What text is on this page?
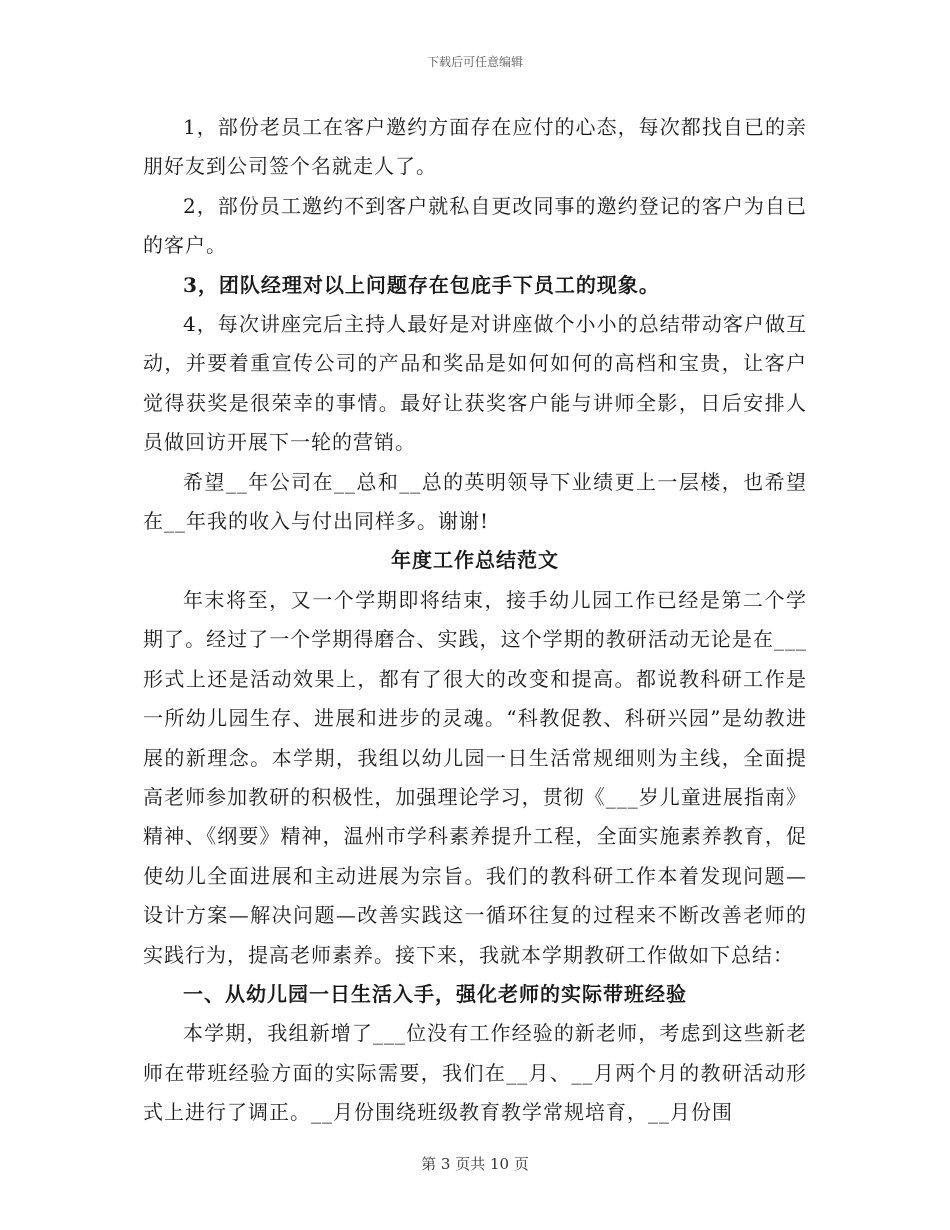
下载后可任意编辑

1，部份老员工在客户邀约方面存在应付的心态，每次都找自已的亲朋好友到公司签个名就走人了。

2，部份员工邀约不到客户就私自更改同事的邀约登记的客户为自已的客户。

3，团队经理对以上问题存在包庇手下员工的现象。

4，每次讲座完后主持人最好是对讲座做个小小的总结带动客户做互动，并要着重宣传公司的产品和奖品是如何如何的高档和宝贵，让客户觉得获奖是很荣幸的事情。最好让获奖客户能与讲师全影，日后安排人员做回访开展下一轮的营销。

希望__年公司在__总和__总的英明领导下业绩更上一层楼，也希望在__年我的收入与付出同样多。谢谢!

年度工作总结范文

年末将至，又一个学期即将结束，接手幼儿园工作已经是第二个学期了。经过了一个学期得磨合、实践，这个学期的教研活动无论是在___形式上还是活动效果上，都有了很大的改变和提高。都说教科研工作是一所幼儿园生存、进展和进步的灵魂。“科教促教、科研兴园”是幼教进展的新理念。本学期，我组以幼儿园一日生活常规细则为主线，全面提高老师参加教研的积极性，加强理论学习，贯彻《___岁儿童进展指南》精神、《纲要》精神，温州市学科素养提升工程，全面实施素养教育，促使幼儿全面进展和主动进展为宗旨。我们的教科研工作本着发现问题—设计方案—解决问题—改善实践这一循环往复的过程来不断改善老师的实践行为，提高老师素养。接下来，我就本学期教研工作做如下总结：

一、从幼儿园一日生活入手，强化老师的实际带班经验

本学期，我组新增了___位没有工作经验的新老师，考虑到这些新老师在带班经验方面的实际需要，我们在__月、__月两个月的教研活动形式上进行了调正。__月份围绕班级教育教学常规培育，__月份围

第 3 页共 10 页
